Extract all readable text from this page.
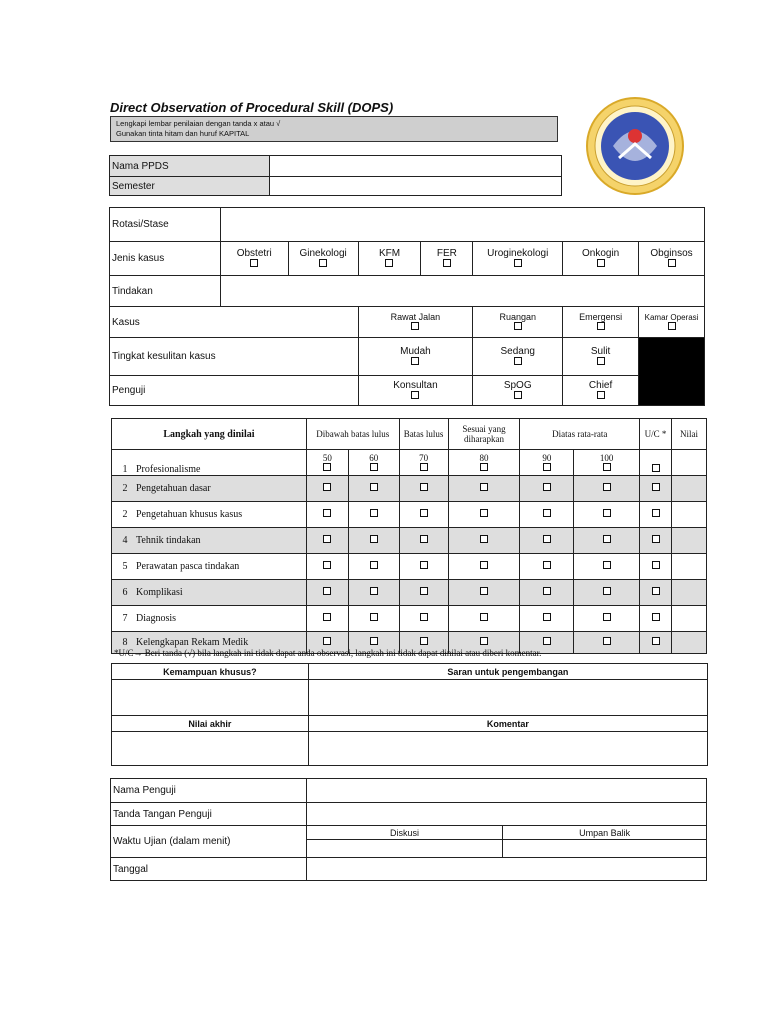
Direct Observation of Procedural Skill (DOPS)
Lengkapi lembar penilaian dengan tanda x atau √
Gunakan tinta hitam dan huruf KAPITAL
Nama PPDS	
Semester	
Rotasi/Stase							
Jenis kasus	Obstetri	Ginekologi	KFM	FER	Uroginekologi	Onkogin	Obginsos

Tindakan							
Kasus			Rawat Jalan		Ruangan	Emergensi	Kamar Operasi

Tingkat kesulitan kasus			Mudah		Sedang	Sulit	

Penguji			Konsultan		SpOG	Chief	
Langkah yang dinilai	Dibawah batas lulus		Batas lulus	Sesuai yang diharapkan	Diatas rata-rata		U/C *	Nilai
1 Profesionalisme	50	60	70	80	90	100		

2 Pengetahuan dasar								
2 Pengetahuan khusus kasus								
4 Tehnik tindakan								
5 Perawatan pasca tindakan								
6 Komplikasi								
7 Diagnosis								
8 Kelengkapan Rekam Medik								
*U/C→ Beri tanda (√) bila langkah ini tidak dapat anda observasi, langkah ini tidak dapat dinilai atau diberi komentar.
Kemampuan khusus?	Saran untuk pengembangan

Nilai akhir	Komentar

Nama Penguji		
Tanda Tangan Penguji		
Waktu Ujian (dalam menit)	Diskusi	Umpan Balik

Tanggal		
